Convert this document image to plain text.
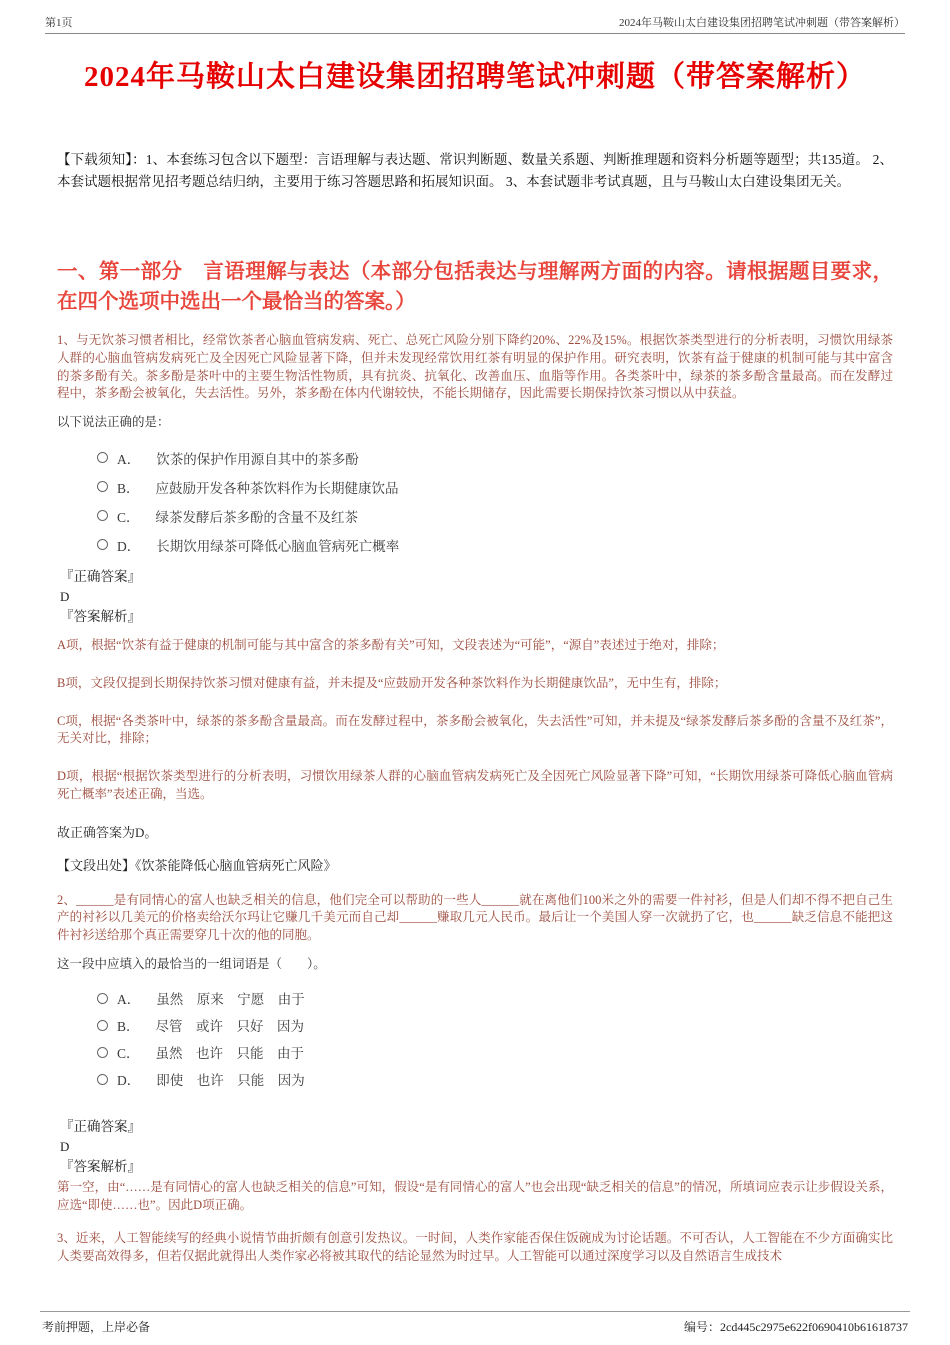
第1页	2024年马鞍山太白建设集团招聘笔试冲刺题（带答案解析）
2024年马鞍山太白建设集团招聘笔试冲刺题（带答案解析）

【下载须知】：1、本套练习包含以下题型：言语理解与表达题、常识判断题、数量关系题、判断推理题和资料分析题等题型；共135道。 2、本套试题根据常见招考题总结归纳，主要用于练习答题思路和拓展知识面。 3、本套试题非考试真题，且与马鞍山太白建设集团无关。

一、第一部分　言语理解与表达（本部分包括表达与理解两方面的内容。请根据题目要求，在四个选项中选出一个最恰当的答案。）

1、与无饮茶习惯者相比，经常饮茶者心脑血管病发病、死亡、总死亡风险分别下降约20%、22%及15%。根据饮茶类型进行的分析表明，习惯饮用绿茶人群的心脑血管病发病死亡及全因死亡风险显著下降，但并未发现经常饮用红茶有明显的保护作用。研究表明，饮茶有益于健康的机制可能与其中富含的茶多酚有关。茶多酚是茶叶中的主要生物活性物质，具有抗炎、抗氧化、改善血压、血脂等作用。各类茶叶中，绿茶的茶多酚含量最高。而在发酵过程中，茶多酚会被氧化，失去活性。另外，茶多酚在体内代谢较快，不能长期储存，因此需要长期保持饮茶习惯以从中获益。

以下说法正确的是：

A． 饮茶的保护作用源自其中的茶多酚
B． 应鼓励开发各种茶饮料作为长期健康饮品
C． 绿茶发酵后茶多酚的含量不及红茶
D． 长期饮用绿茶可降低心脑血管病死亡概率

『正确答案』

D

『答案解析』

A项，根据“饮茶有益于健康的机制可能与其中富含的茶多酚有关”可知，文段表述为“可能”，“源自”表述过于绝对，排除；

B项，文段仅提到长期保持饮茶习惯对健康有益，并未提及“应鼓励开发各种茶饮料作为长期健康饮品”，无中生有，排除；

C项，根据“各类茶叶中，绿茶的茶多酚含量最高。而在发酵过程中，茶多酚会被氧化，失去活性”可知，并未提及“绿茶发酵后茶多酚的含量不及红茶”，无关对比，排除；

D项，根据“根据饮茶类型进行的分析表明，习惯饮用绿茶人群的心脑血管病发病死亡及全因死亡风险显著下降”可知，“长期饮用绿茶可降低心脑血管病死亡概率”表述正确，当选。

故正确答案为D。

【文段出处】《饮茶能降低心脑血管病死亡风险》

2、______是有同情心的富人也缺乏相关的信息，他们完全可以帮助的一些人______就在离他们100米之外的需要一件衬衫，但是人们却不得不把自己生产的衬衫以几美元的价格卖给沃尔玛让它赚几千美元而自己却______赚取几元人民币。最后让一个美国人穿一次就扔了它，也______缺乏信息不能把这件衬衫送给那个真正需要穿几十次的他的同胞。

这一段中应填入的最恰当的一组词语是（　　）。

A． 虽然　原来　宁愿　由于
B． 尽管　或许　只好　因为
C． 虽然　也许　只能　由于
D． 即使　也许　只能　因为

『正确答案』

D

『答案解析』

第一空，由“……是有同情心的富人也缺乏相关的信息”可知，假设“是有同情心的富人”也会出现“缺乏相关的信息”的情况，所填词应表示让步假设关系，应选“即使……也”。因此D项正确。

3、近来，人工智能续写的经典小说情节曲折颇有创意引发热议。一时间，人类作家能否保住饭碗成为讨论话题。不可否认，人工智能在不少方面确实比人类要高效得多，但若仅据此就得出人类作家必将被其取代的结论显然为时过早。人工智能可以通过深度学习以及自然语言生成技术

考前押题，上岸必备	编号：2cd445c2975e622f0690410b61618737
